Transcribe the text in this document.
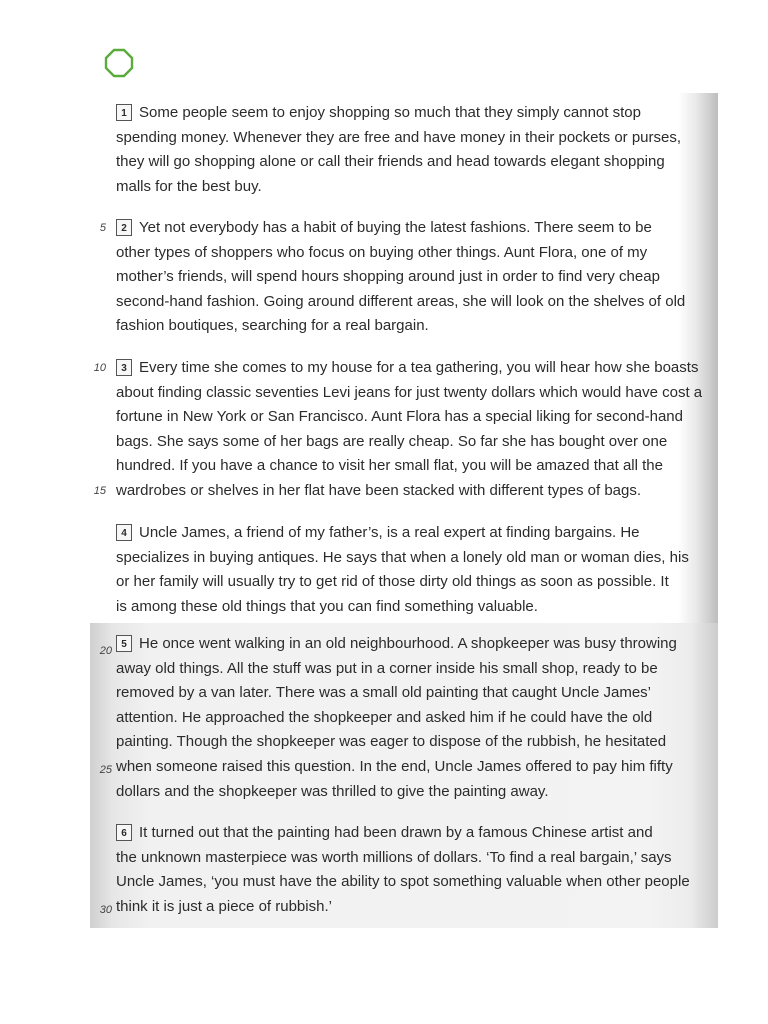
1 Some people seem to enjoy shopping so much that they simply cannot stop

spending money. Whenever they are free and have money in their pockets or purses,

they will go shopping alone or call their friends and head towards elegant shopping

malls for the best buy.

2 Yet not everybody has a habit of buying the latest fashions. There seem to be

other types of shoppers who focus on buying other things. Aunt Flora, one of my

mother’s friends, will spend hours shopping around just in order to find very cheap

second-hand fashion. Going around different areas, she will look on the shelves of old

fashion boutiques, searching for a real bargain.

3 Every time she comes to my house for a tea gathering, you will hear how she boasts

about finding classic seventies Levi jeans for just twenty dollars which would have cost a

fortune in New York or San Francisco. Aunt Flora has a special liking for second-hand

bags. She says some of her bags are really cheap. So far she has bought over one

hundred. If you have a chance to visit her small flat, you will be amazed that all the

wardrobes or shelves in her flat have been stacked with different types of bags.

4 Uncle James, a friend of my father’s, is a real expert at finding bargains. He

specializes in buying antiques. He says that when a lonely old man or woman dies, his

or her family will usually try to get rid of those dirty old things as soon as possible. It

is among these old things that you can find something valuable.

5 He once went walking in an old neighbourhood. A shopkeeper was busy throwing

away old things. All the stuff was put in a corner inside his small shop, ready to be

removed by a van later. There was a small old painting that caught Uncle James’

attention. He approached the shopkeeper and asked him if he could have the old

painting. Though the shopkeeper was eager to dispose of the rubbish, he hesitated

when someone raised this question. In the end, Uncle James offered to pay him fifty

dollars and the shopkeeper was thrilled to give the painting away.

6 It turned out that the painting had been drawn by a famous Chinese artist and

the unknown masterpiece was worth millions of dollars. ‘To find a real bargain,’ says

Uncle James, ‘you must have the ability to spot something valuable when other people

think it is just a piece of rubbish.’

5
10
15
20
25
30
